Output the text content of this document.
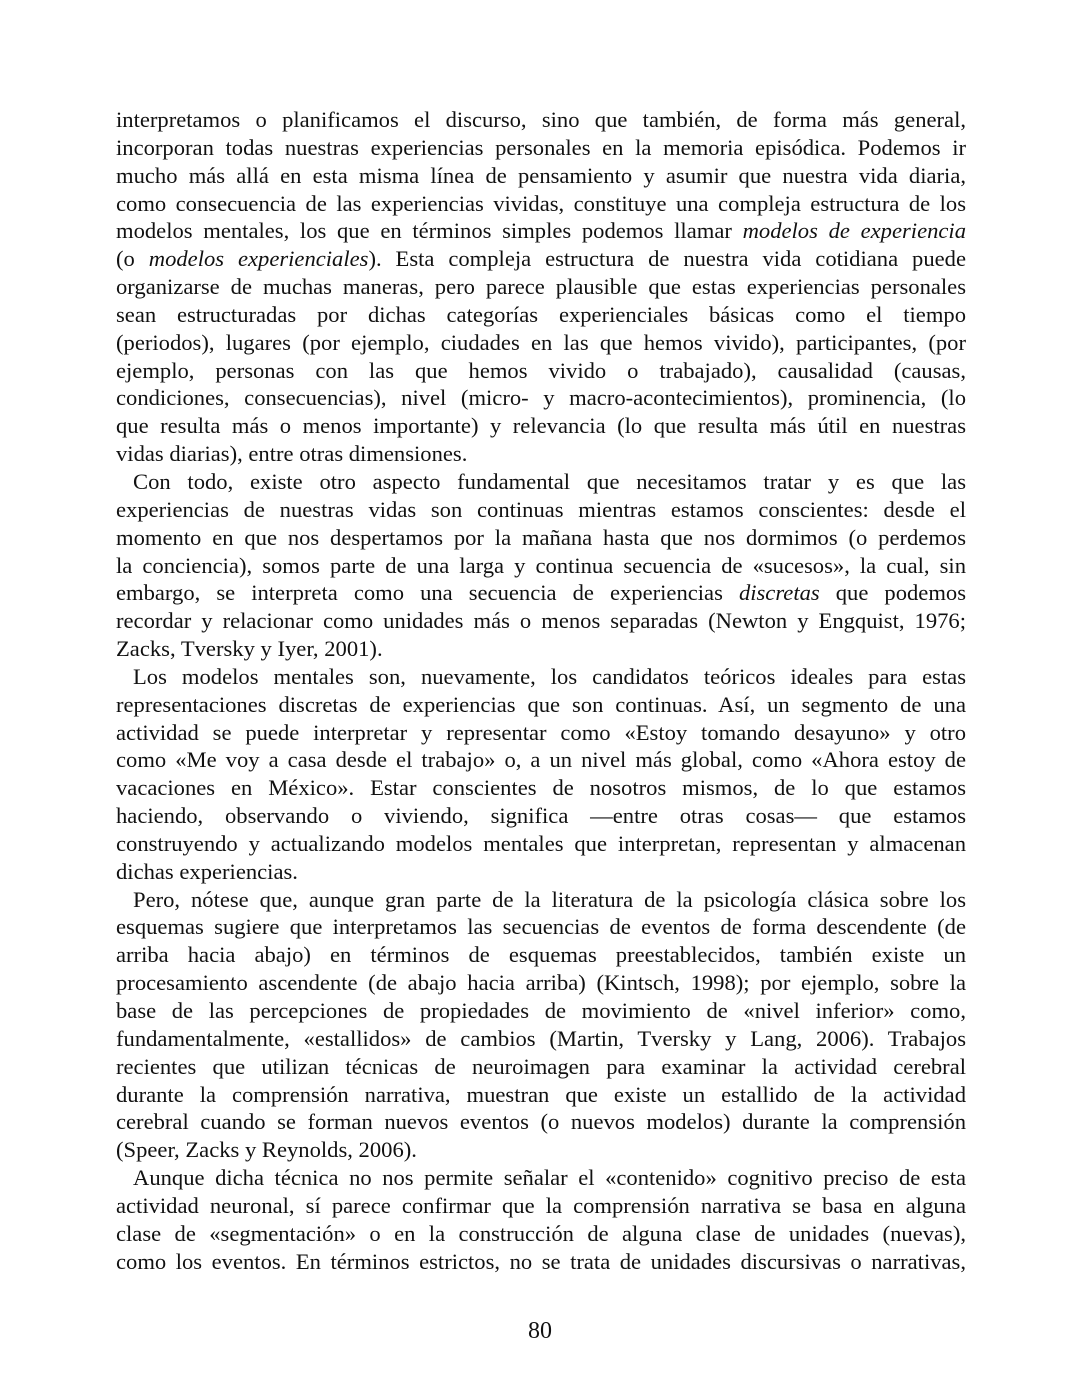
interpretamos o planificamos el discurso, sino que también, de forma más general,
incorporan todas nuestras experiencias personales en la memoria episódica. Podemos ir
mucho más allá en esta misma línea de pensamiento y asumir que nuestra vida diaria,
como consecuencia de las experiencias vividas, constituye una compleja estructura de los
modelos mentales, los que en términos simples podemos llamar modelos de experiencia
(o modelos experienciales). Esta compleja estructura de nuestra vida cotidiana puede
organizarse de muchas maneras, pero parece plausible que estas experiencias personales
sean estructuradas por dichas categorías experienciales básicas como el tiempo
(periodos), lugares (por ejemplo, ciudades en las que hemos vivido), participantes, (por
ejemplo, personas con las que hemos vivido o trabajado), causalidad (causas,
condiciones, consecuencias), nivel (micro- y macro-acontecimientos), prominencia, (lo
que resulta más o menos importante) y relevancia (lo que resulta más útil en nuestras
vidas diarias), entre otras dimensiones.
Con todo, existe otro aspecto fundamental que necesitamos tratar y es que las
experiencias de nuestras vidas son continuas mientras estamos conscientes: desde el
momento en que nos despertamos por la mañana hasta que nos dormimos (o perdemos
la conciencia), somos parte de una larga y continua secuencia de «sucesos», la cual, sin
embargo, se interpreta como una secuencia de experiencias discretas que podemos
recordar y relacionar como unidades más o menos separadas (Newton y Engquist, 1976;
Zacks, Tversky y Iyer, 2001).
Los modelos mentales son, nuevamente, los candidatos teóricos ideales para estas
representaciones discretas de experiencias que son continuas. Así, un segmento de una
actividad se puede interpretar y representar como «Estoy tomando desayuno» y otro
como «Me voy a casa desde el trabajo» o, a un nivel más global, como «Ahora estoy de
vacaciones en México». Estar conscientes de nosotros mismos, de lo que estamos
haciendo, observando o viviendo, significa —entre otras cosas— que estamos
construyendo y actualizando modelos mentales que interpretan, representan y almacenan
dichas experiencias.
Pero, nótese que, aunque gran parte de la literatura de la psicología clásica sobre los
esquemas sugiere que interpretamos las secuencias de eventos de forma descendente (de
arriba hacia abajo) en términos de esquemas preestablecidos, también existe un
procesamiento ascendente (de abajo hacia arriba) (Kintsch, 1998); por ejemplo, sobre la
base de las percepciones de propiedades de movimiento de «nivel inferior» como,
fundamentalmente, «estallidos» de cambios (Martin, Tversky y Lang, 2006). Trabajos
recientes que utilizan técnicas de neuroimagen para examinar la actividad cerebral
durante la comprensión narrativa, muestran que existe un estallido de la actividad
cerebral cuando se forman nuevos eventos (o nuevos modelos) durante la comprensión
(Speer, Zacks y Reynolds, 2006).
Aunque dicha técnica no nos permite señalar el «contenido» cognitivo preciso de esta
actividad neuronal, sí parece confirmar que la comprensión narrativa se basa en alguna
clase de «segmentación» o en la construcción de alguna clase de unidades (nuevas),
como los eventos. En términos estrictos, no se trata de unidades discursivas o narrativas,
80
